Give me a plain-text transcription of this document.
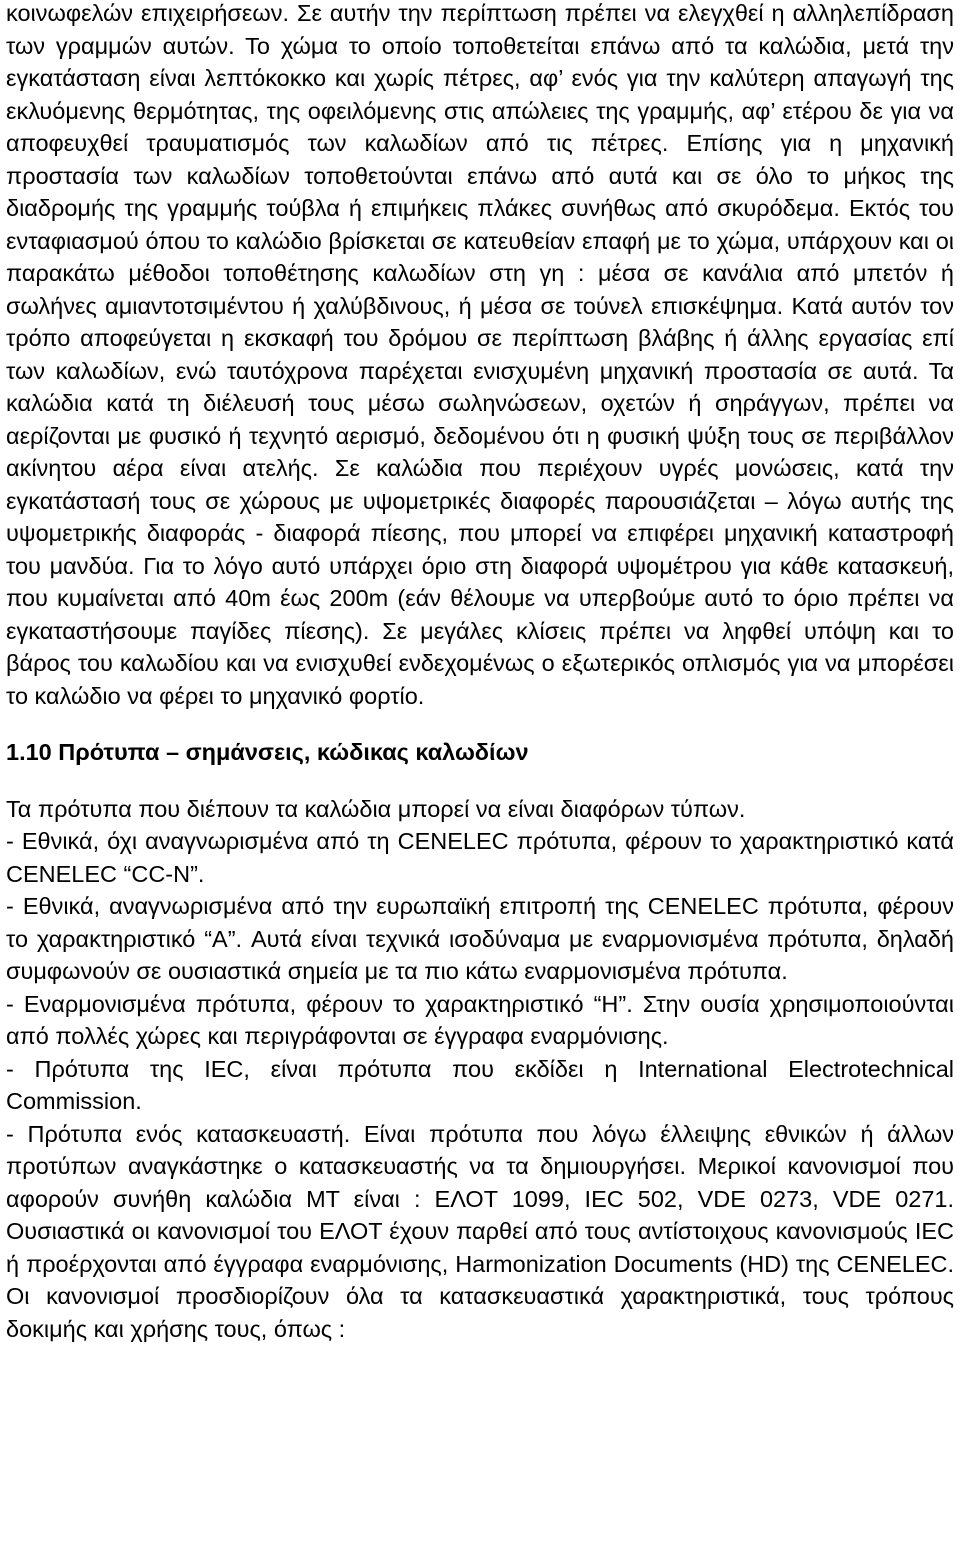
κοινωφελών επιχειρήσεων. Σε αυτήν την περίπτωση πρέπει να ελεγχθεί η αλληλεπίδραση των γραμμών αυτών. Το χώμα το οποίο τοποθετείται επάνω από τα καλώδια, μετά την εγκατάσταση είναι λεπτόκοκκο και χωρίς πέτρες, αφ’ ενός για την καλύτερη απαγωγή της εκλυόμενης θερμότητας, της οφειλόμενης στις απώλειες της γραμμής, αφ’ ετέρου δε για να αποφευχθεί τραυματισμός των καλωδίων από τις πέτρες. Επίσης για η μηχανική προστασία των καλωδίων τοποθετούνται επάνω από αυτά και σε όλο το μήκος της διαδρομής της γραμμής τούβλα ή επιμήκεις πλάκες συνήθως από σκυρόδεμα. Εκτός του ενταφιασμού όπου το καλώδιο βρίσκεται σε κατευθείαν επαφή με το χώμα, υπάρχουν και οι παρακάτω μέθοδοι τοποθέτησης καλωδίων στη γη : μέσα σε κανάλια από μπετόν ή σωλήνες αμιαντοτσιμέντου ή χαλύβδινους, ή μέσα σε τούνελ επισκέψημα. Κατά αυτόν τον τρόπο αποφεύγεται η εκσκαφή του δρόμου σε περίπτωση βλάβης ή άλλης εργασίας επί των καλωδίων, ενώ ταυτόχρονα παρέχεται ενισχυμένη μηχανική προστασία σε αυτά. Τα καλώδια κατά τη διέλευσή τους μέσω σωληνώσεων, οχετών ή σηράγγων, πρέπει να αερίζονται με φυσικό ή τεχνητό αερισμό, δεδομένου ότι η φυσική ψύξη τους σε περιβάλλον ακίνητου αέρα είναι ατελής. Σε καλώδια που περιέχουν υγρές μονώσεις, κατά την εγκατάστασή τους σε χώρους με υψομετρικές διαφορές παρουσιάζεται – λόγω αυτής της υψομετρικής διαφοράς - διαφορά πίεσης, που μπορεί να επιφέρει μηχανική καταστροφή του μανδύα. Για το λόγο αυτό υπάρχει όριο στη διαφορά υψομέτρου για κάθε κατασκευή, που κυμαίνεται από 40m έως 200m (εάν θέλουμε να υπερβούμε αυτό το όριο πρέπει να εγκαταστήσουμε παγίδες πίεσης). Σε μεγάλες κλίσεις πρέπει να ληφθεί υπόψη και το βάρος του καλωδίου και να ενισχυθεί ενδεχομένως ο εξωτερικός οπλισμός για να μπορέσει το καλώδιο να φέρει το μηχανικό φορτίο.

1.10 Πρότυπα – σημάνσεις, κώδικας καλωδίων

Τα πρότυπα που διέπουν τα καλώδια μπορεί να είναι διαφόρων τύπων.

- Εθνικά, όχι αναγνωρισμένα από τη CENELEC πρότυπα, φέρουν το χαρακτηριστικό κατά CENELEC “CC-N”.

- Εθνικά, αναγνωρισμένα από την ευρωπαϊκή επιτροπή της CENELEC πρότυπα, φέρουν το χαρακτηριστικό “A”. Αυτά είναι τεχνικά ισοδύναμα με εναρμονισμένα πρότυπα, δηλαδή συμφωνούν σε ουσιαστικά σημεία με τα πιο κάτω εναρμονισμένα πρότυπα.

- Εναρμονισμένα πρότυπα, φέρουν το χαρακτηριστικό “H”. Στην ουσία χρησιμοποιούνται από πολλές χώρες και περιγράφονται σε έγγραφα εναρμόνισης.

- Πρότυπα της IEC, είναι πρότυπα που εκδίδει η International Electrotechnical Commission.

- Πρότυπα ενός κατασκευαστή. Είναι πρότυπα που λόγω έλλειψης εθνικών ή άλλων προτύπων αναγκάστηκε ο κατασκευαστής να τα δημιουργήσει. Μερικοί κανονισμοί που αφορούν συνήθη καλώδια ΜΤ είναι : ΕΛΟΤ 1099, IEC 502, VDE 0273, VDE 0271. Ουσιαστικά οι κανονισμοί του ΕΛΟΤ έχουν παρθεί από τους αντίστοιχους κανονισμούς IEC ή προέρχονται από έγγραφα εναρμόνισης, Harmonization Documents (HD) της CENELEC. Οι κανονισμοί προσδιορίζουν όλα τα κατασκευαστικά χαρακτηριστικά, τους τρόπους δοκιμής και χρήσης τους, όπως :
